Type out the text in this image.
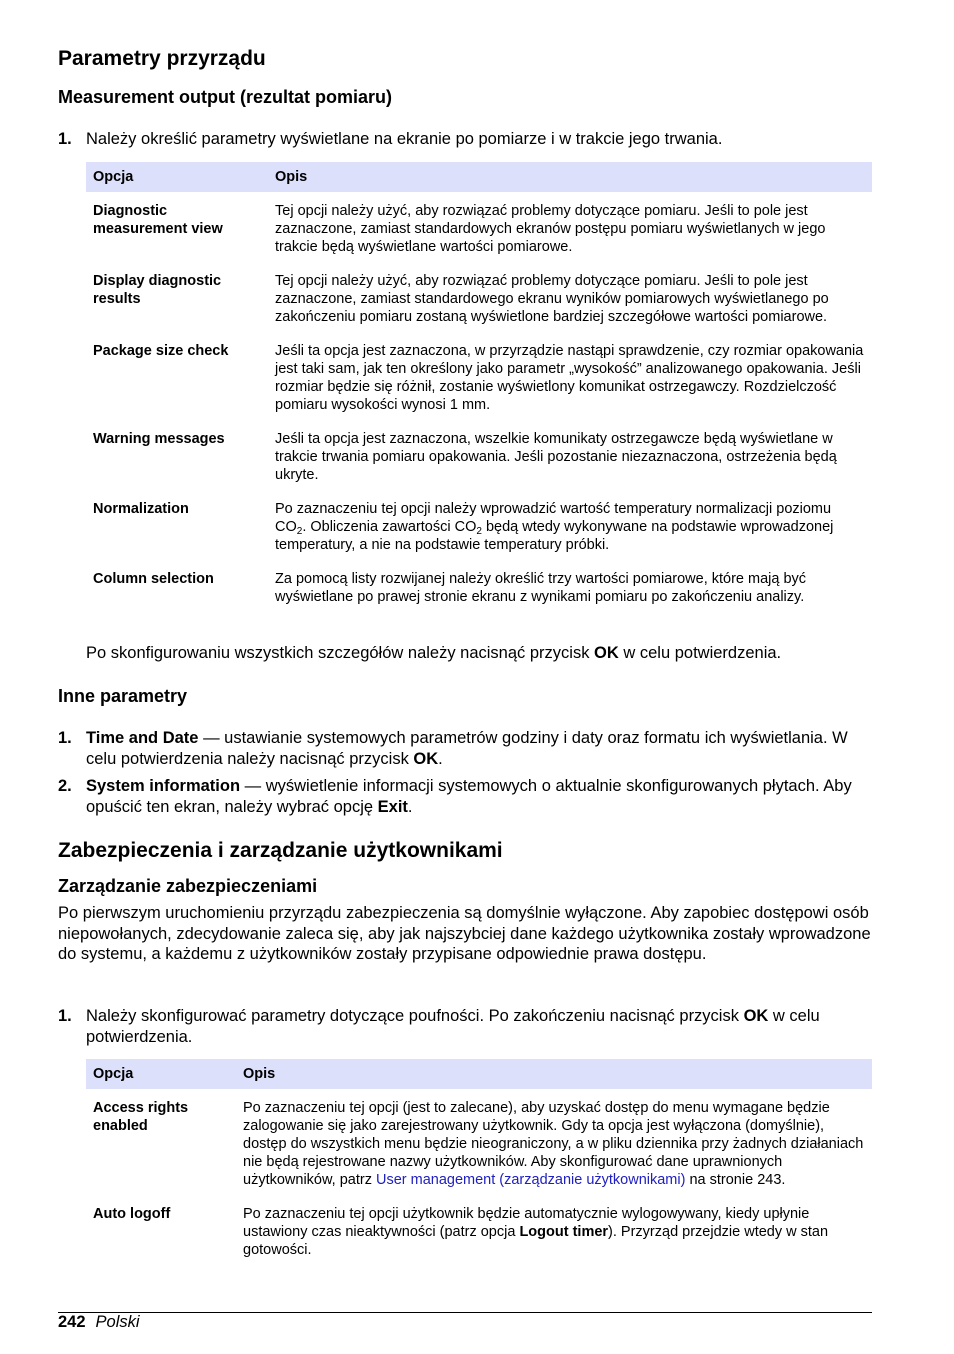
Parametry przyrządu
Measurement output (rezultat pomiaru)
1. Należy określić parametry wyświetlane na ekranie po pomiarze i w trakcie jego trwania.
Opcja	Opis
Diagnostic measurement view	Tej opcji należy użyć, aby rozwiązać problemy dotyczące pomiaru. Jeśli to pole jest zaznaczone, zamiast standardowych ekranów postępu pomiaru wyświetlanych w jego trakcie będą wyświetlane wartości pomiarowe.
Display diagnostic results	Tej opcji należy użyć, aby rozwiązać problemy dotyczące pomiaru. Jeśli to pole jest zaznaczone, zamiast standardowego ekranu wyników pomiarowych wyświetlanego po zakończeniu pomiaru zostaną wyświetlone bardziej szczegółowe wartości pomiarowe.
Package size check	Jeśli ta opcja jest zaznaczona, w przyrządzie nastąpi sprawdzenie, czy rozmiar opakowania jest taki sam, jak ten określony jako parametr „wysokość” analizowanego opakowania. Jeśli rozmiar będzie się różnił, zostanie wyświetlony komunikat ostrzegawczy. Rozdzielczość pomiaru wysokości wynosi 1 mm.
Warning messages	Jeśli ta opcja jest zaznaczona, wszelkie komunikaty ostrzegawcze będą wyświetlane w trakcie trwania pomiaru opakowania. Jeśli pozostanie niezaznaczona, ostrzeżenia będą ukryte.
Normalization	Po zaznaczeniu tej opcji należy wprowadzić wartość temperatury normalizacji poziomu $CO_2$. Obliczenia zawartości $CO_2$ będą wtedy wykonywane na podstawie wprowadzonej temperatury, a nie na podstawie temperatury próbki.
Column selection	Za pomocą listy rozwijanej należy określić trzy wartości pomiarowe, które mają być wyświetlane po prawej stronie ekranu z wynikami pomiaru po zakończeniu analizy.
Po skonfigurowaniu wszystkich szczegółów należy nacisnąć przycisk OK w celu potwierdzenia.
Inne parametry
1. Time and Date — ustawianie systemowych parametrów godziny i daty oraz formatu ich wyświetlania. W celu potwierdzenia należy nacisnąć przycisk OK.
2. System information — wyświetlenie informacji systemowych o aktualnie skonfigurowanych płytach. Aby opuścić ten ekran, należy wybrać opcję Exit.
Zabezpieczenia i zarządzanie użytkownikami
Zarządzanie zabezpieczeniami
Po pierwszym uruchomieniu przyrządu zabezpieczenia są domyślnie wyłączone. Aby zapobiec dostępowi osób niepowołanych, zdecydowanie zaleca się, aby jak najszybciej dane każdego użytkownika zostały wprowadzone do systemu, a każdemu z użytkowników zostały przypisane odpowiednie prawa dostępu.
1. Należy skonfigurować parametry dotyczące poufności. Po zakończeniu nacisnąć przycisk OK w celu potwierdzenia.
Opcja	Opis
Access rights enabled	Po zaznaczeniu tej opcji (jest to zalecane), aby uzyskać dostęp do menu wymagane będzie zalogowanie się jako zarejestrowany użytkownik. Gdy ta opcja jest wyłączona (domyślnie), dostęp do wszystkich menu będzie nieograniczony, a w pliku dziennika przy żadnych działaniach nie będą rejestrowane nazwy użytkowników. Aby skonfigurować dane uprawnionych użytkowników, patrz User management (zarządzanie użytkownikami) na stronie 243.
Auto logoff	Po zaznaczeniu tej opcji użytkownik będzie automatycznie wylogowywany, kiedy upłynie ustawiony czas nieaktywności (patrz opcja Logout timer). Przyrząd przejdzie wtedy w stan gotowości.
242 Polski
